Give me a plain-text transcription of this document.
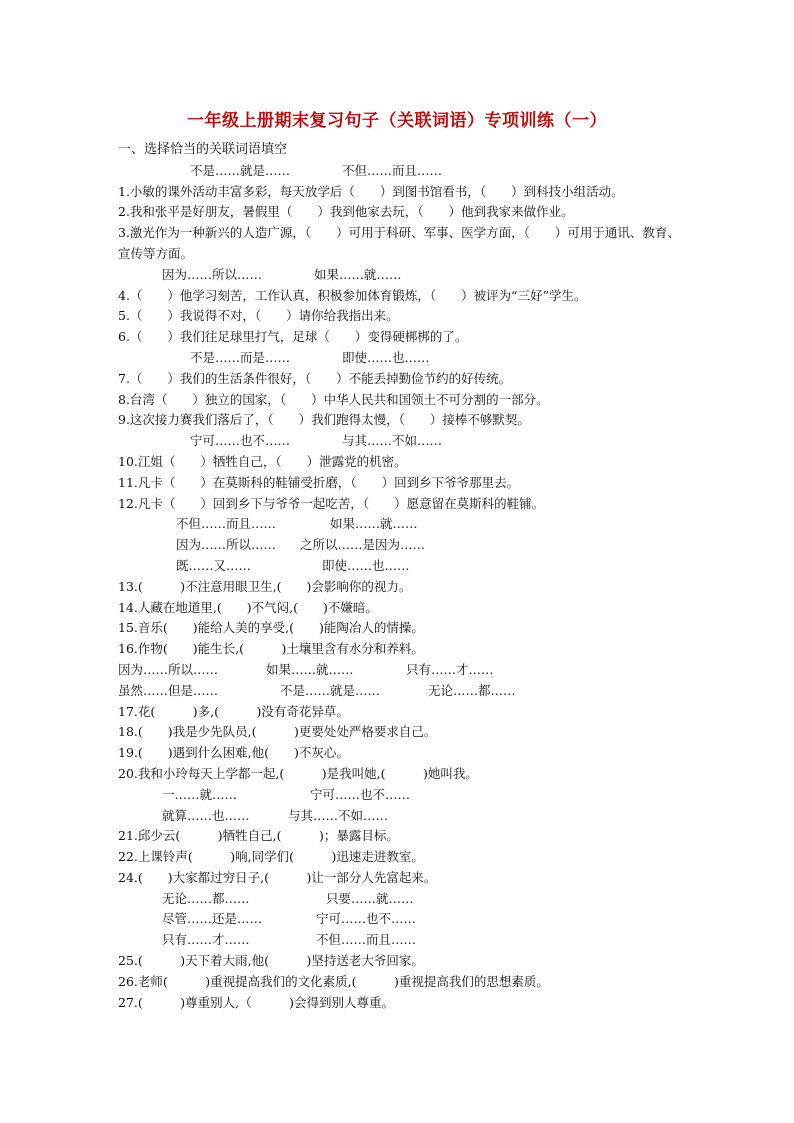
一年级上册期末复习句子（关联词语）专项训练（一）
一、选择恰当的关联词语填空
不是……就是……	不但……而且……
1.小敏的课外活动丰富多彩，每天放学后（　　）到图书馆看书，（　　）到科技小组活动。
2.我和张平是好朋友，暑假里（　　）我到他家去玩，（　　）他到我家来做作业。
3.激光作为一种新兴的人造广源，（　　）可用于科研、军事、医学方面，（　　）可用于通讯、教育、宣传等方面。
因为……所以……	如果……就……
4.（　　）他学习刻苦，工作认真，积极参加体育锻炼，（　　）被评为“三好”学生。
5.（　　）我说得不对，（　　）请你给我指出来。
6.（　　）我们往足球里打气，足球（　　）变得硬梆梆的了。
不是……而是……	即使……也……
7.（　　）我们的生活条件很好，（　　）不能丢掉勤俭节约的好传统。
8.台湾（　　）独立的国家，（　　）中华人民共和国领土不可分割的一部分。
9.这次接力赛我们落后了，（　　）我们跑得太慢，（　　）接棒不够默契。
宁可……也不……	与其……不如……
10.江姐（　　）牺牲自己，（　　）泄露党的机密。
11.凡卡（　　）在莫斯科的鞋铺受折磨，（　　）回到乡下爷爷那里去。
12.凡卡（　　）回到乡下与爷爷一起吃苦，（　　）愿意留在莫斯科的鞋铺。
不但……而且……	如果……就……
因为……所以……	之所以……是因为……
既……又……	即使……也……
13.(　　　)不注意用眼卫生,(　　)会影响你的视力。
14.人藏在地道里,(　　)不气闷,(　　)不嫌暗。
15.音乐(　　)能给人美的享受,(　　)能陶冶人的情操。
16.作物(　　)能生长,(　　　)土壤里含有水分和养料。
因为……所以……	如果……就……	只有……才……
虽然……但是……	不是……就是……	无论……都……
17.花(　　　)多,(　　　)没有奇花异草。
18.(　　)我是少先队员,(　　　)更要处处严格要求自己。
19.(　　)遇到什么困难,他(　　)不灰心。
20.我和小玲每天上学都一起,(　　　)是我叫她,(　　　)她叫我。
一……就……	宁可……也不……
就算……也……	与其……不如……
21.邱少云(　　　)牺牲自己,(　　　)；暴露目标。
22.上课铃声(　　　)响,同学们(　　　)迅速走进教室。
24.(　　)大家都过穷日子,(　　　)让一部分人先富起来。
无论……都……	只要……就……
尽管……还是……	宁可……也不……
只有……才……	不但……而且……
25.(　　　)天下着大雨,他(　　　)坚持送老大爷回家。
26.老师(　　　)重视提高我们的文化素质,(　　　)重视提高我们的思想素质。
27.(　　　)尊重别人,（　　　)会得到别人尊重。
